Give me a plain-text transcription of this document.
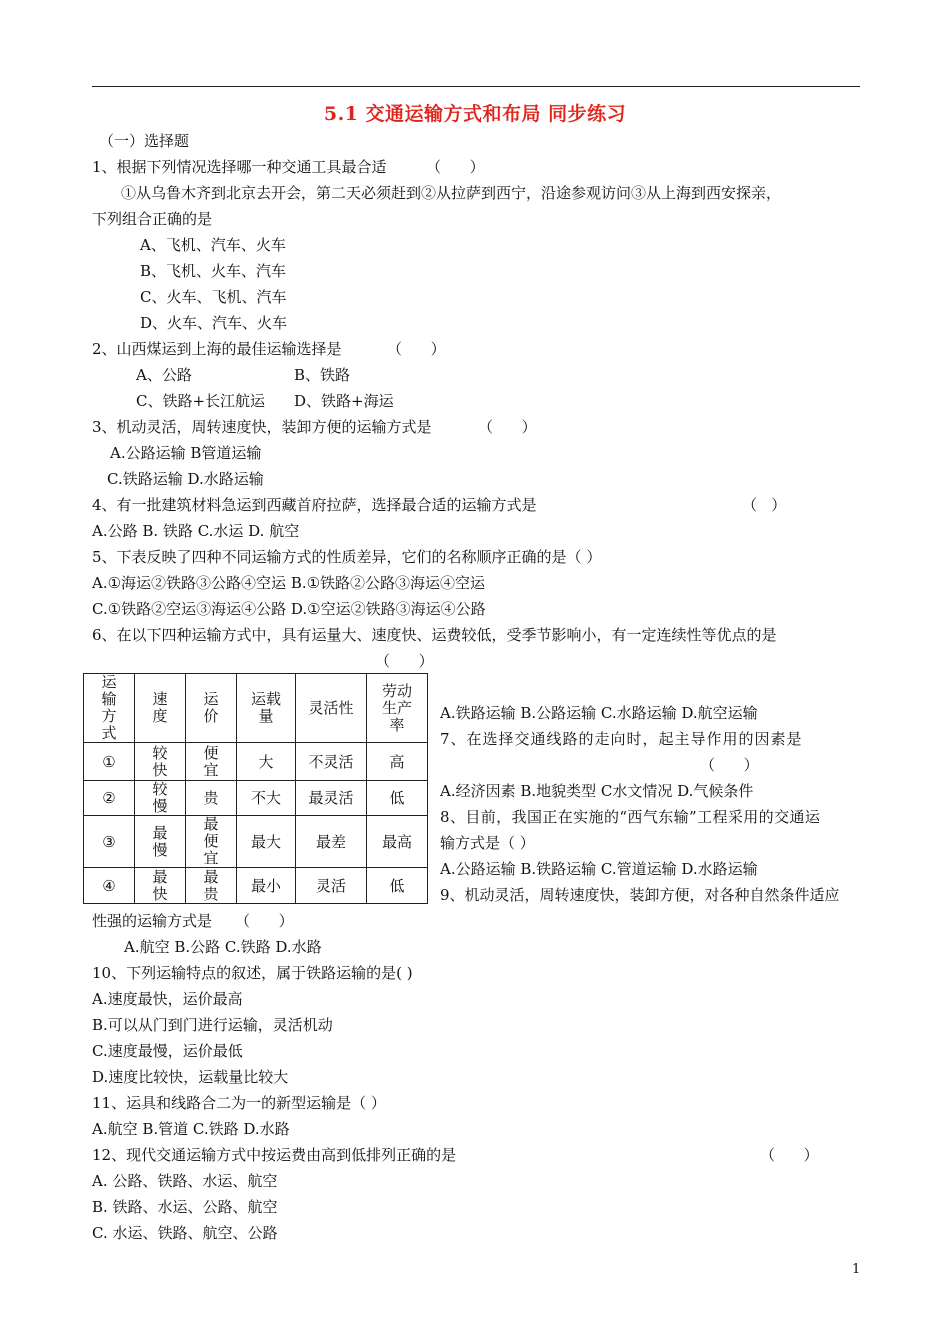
5.1 交通运输方式和布局 同步练习
（一）选择题
1、根据下列情况选择哪一种交通工具最合适	（      ）
①从乌鲁木齐到北京去开会，第二天必须赶到②从拉萨到西宁，沿途参观访问③从上海到西安探亲，
下列组合正确的是
A、飞机、汽车、火车
B、飞机、火车、汽车
C、火车、飞机、汽车
D、火车、汽车、火车
2、山西煤运到上海的最佳运输选择是	（      ）
A、公路	B、铁路
C、铁路+长江航运 D、铁路+海运
3、机动灵活，周转速度快，装卸方便的运输方式是	（      ）
A.公路运输 B管道运输
C.铁路运输 D.水路运输
4、有一批建筑材料急运到西藏首府拉萨，选择最合适的运输方式是	（   ）
A.公路 B. 铁路 C.水运 D. 航空
5、下表反映了四种不同运输方式的性质差异，它们的名称顺序正确的是（ ）
A.①海运②铁路③公路④空运 B.①铁路②公路③海运④空运
C.①铁路②空运③海运④公路 D.①空运②铁路③海运④公路
6、在以下四种运输方式中，具有运量大、速度快、运费较低，受季节影响小，有一定连续性等优点的是
（      ）
运输方式	速度	运价	运载量	灵活性	劳动生产率
①	较快	便宜	大	不灵活	高
②	较慢	贵	不大	最灵活	低
③	最慢	最便宜	最大	最差	最高
④	最快	最贵	最小	灵活	低
A.铁路运输 B.公路运输 C.水路运输 D.航空运输
7、在选择交通线路的走向时，起主导作用的因素是
（      ）
A.经济因素 B.地貌类型 C水文情况 D.气候条件
8、目前，我国正在实施的“西气东输”工程采用的交通运
输方式是（ ）
A.公路运输 B.铁路运输 C.管道运输 D.水路运输
9、机动灵活，周转速度快，装卸方便，对各种自然条件适应
性强的运输方式是 （      ）
A.航空 B.公路 C.铁路 D.水路
10、下列运输特点的叙述，属于铁路运输的是( )
A.速度最快，运价最高
B.可以从门到门进行运输，灵活机动
C.速度最慢，运价最低
D.速度比较快，运载量比较大
11、运具和线路合二为一的新型运输是（ ）
A.航空 B.管道 C.铁路 D.水路
12、现代交通运输方式中按运费由高到低排列正确的是	（      ）
A. 公路、铁路、水运、航空
B. 铁路、水运、公路、航空
C. 水运、铁路、航空、公路
1
